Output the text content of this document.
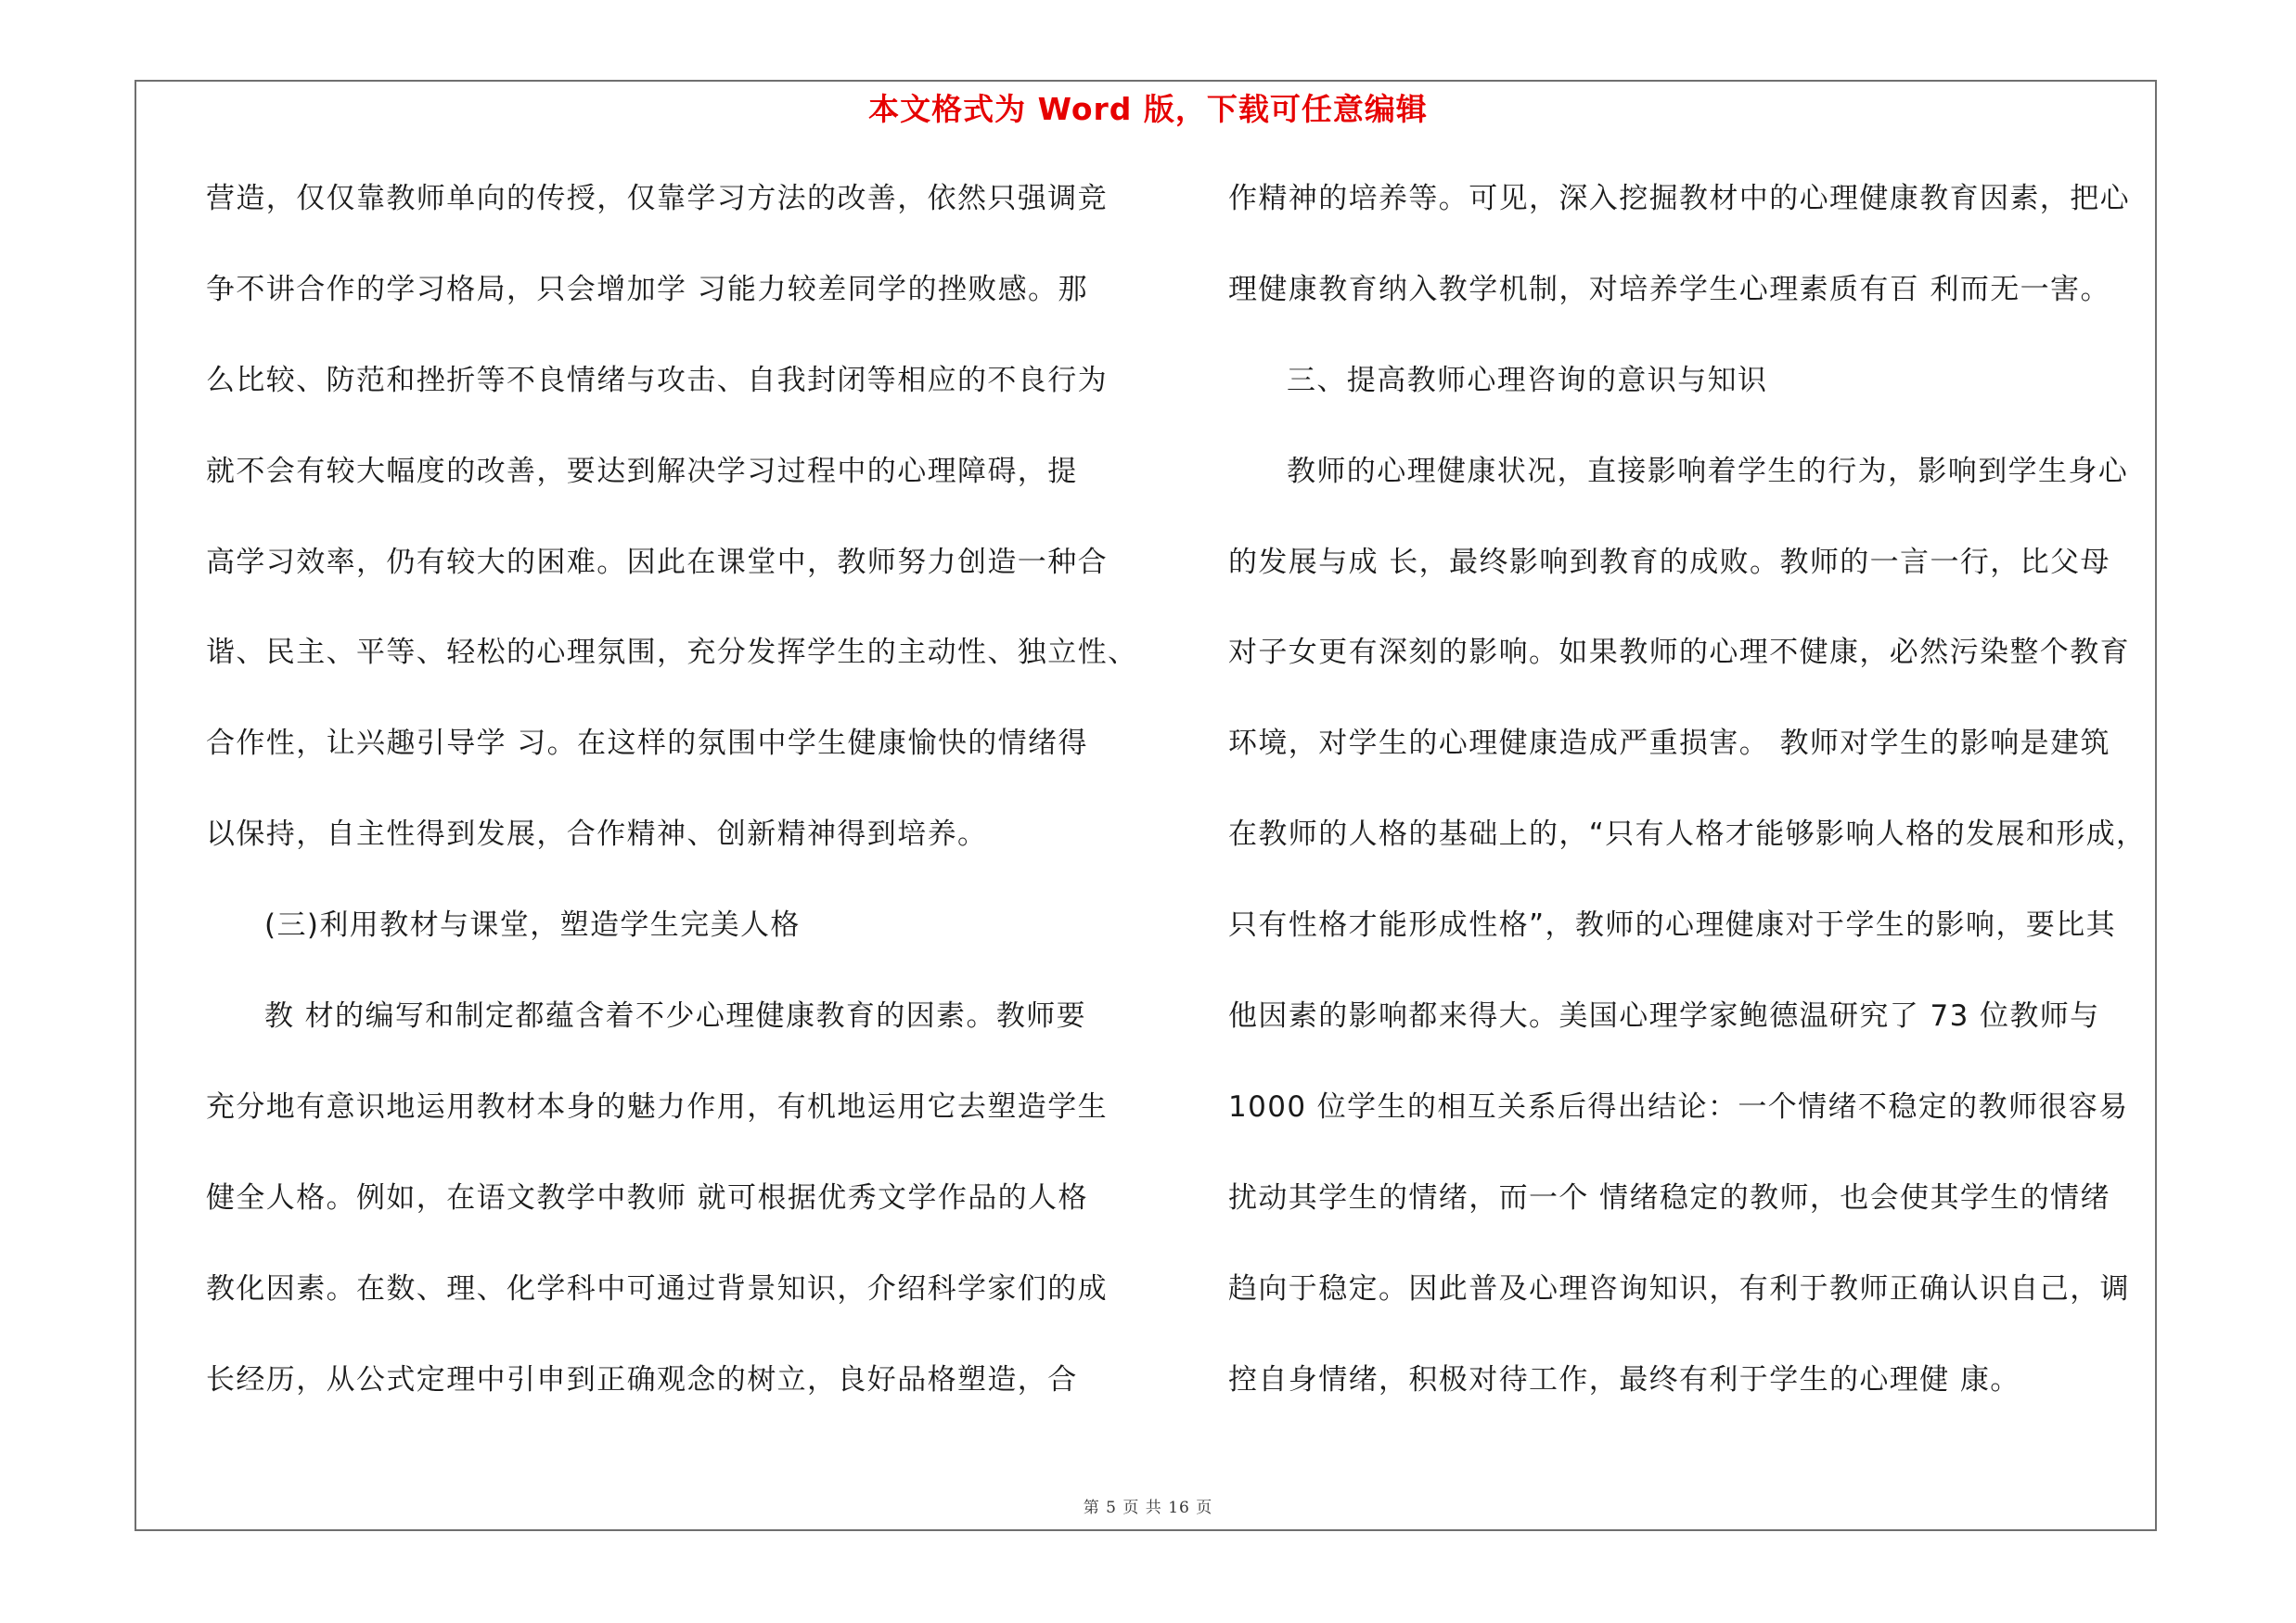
本文格式为 Word 版，下载可任意编辑
营造，仅仅靠教师单向的传授，仅靠学习方法的改善，依然只强调竞
争不讲合作的学习格局，只会增加学 习能力较差同学的挫败感。那
么比较、防范和挫折等不良情绪与攻击、自我封闭等相应的不良行为
就不会有较大幅度的改善，要达到解决学习过程中的心理障碍，提
高学习效率，仍有较大的困难。因此在课堂中，教师努力创造一种合
谐、民主、平等、轻松的心理氛围，充分发挥学生的主动性、独立性、
合作性，让兴趣引导学 习。在这样的氛围中学生健康愉快的情绪得
以保持，自主性得到发展，合作精神、创新精神得到培养。
(三)利用教材与课堂，塑造学生完美人格
教 材的编写和制定都蕴含着不少心理健康教育的因素。教师要
充分地有意识地运用教材本身的魅力作用，有机地运用它去塑造学生
健全人格。例如，在语文教学中教师 就可根据优秀文学作品的人格
教化因素。在数、理、化学科中可通过背景知识，介绍科学家们的成
长经历，从公式定理中引申到正确观念的树立，良好品格塑造，合
作精神的培养等。可见，深入挖掘教材中的心理健康教育因素，把心
理健康教育纳入教学机制，对培养学生心理素质有百 利而无一害。
三、提高教师心理咨询的意识与知识
教师的心理健康状况，直接影响着学生的行为，影响到学生身心
的发展与成 长，最终影响到教育的成败。教师的一言一行，比父母
对子女更有深刻的影响。如果教师的心理不健康，必然污染整个教育
环境，对学生的心理健康造成严重损害。 教师对学生的影响是建筑
在教师的人格的基础上的，“只有人格才能够影响人格的发展和形成，
只有性格才能形成性格”，教师的心理健康对于学生的影响，要比其
他因素的影响都来得大。美国心理学家鲍德温研究了 73 位教师与
1000 位学生的相互关系后得出结论：一个情绪不稳定的教师很容易
扰动其学生的情绪，而一个 情绪稳定的教师，也会使其学生的情绪
趋向于稳定。因此普及心理咨询知识，有利于教师正确认识自己，调
控自身情绪，积极对待工作，最终有利于学生的心理健 康。
第 5 页 共 16 页
